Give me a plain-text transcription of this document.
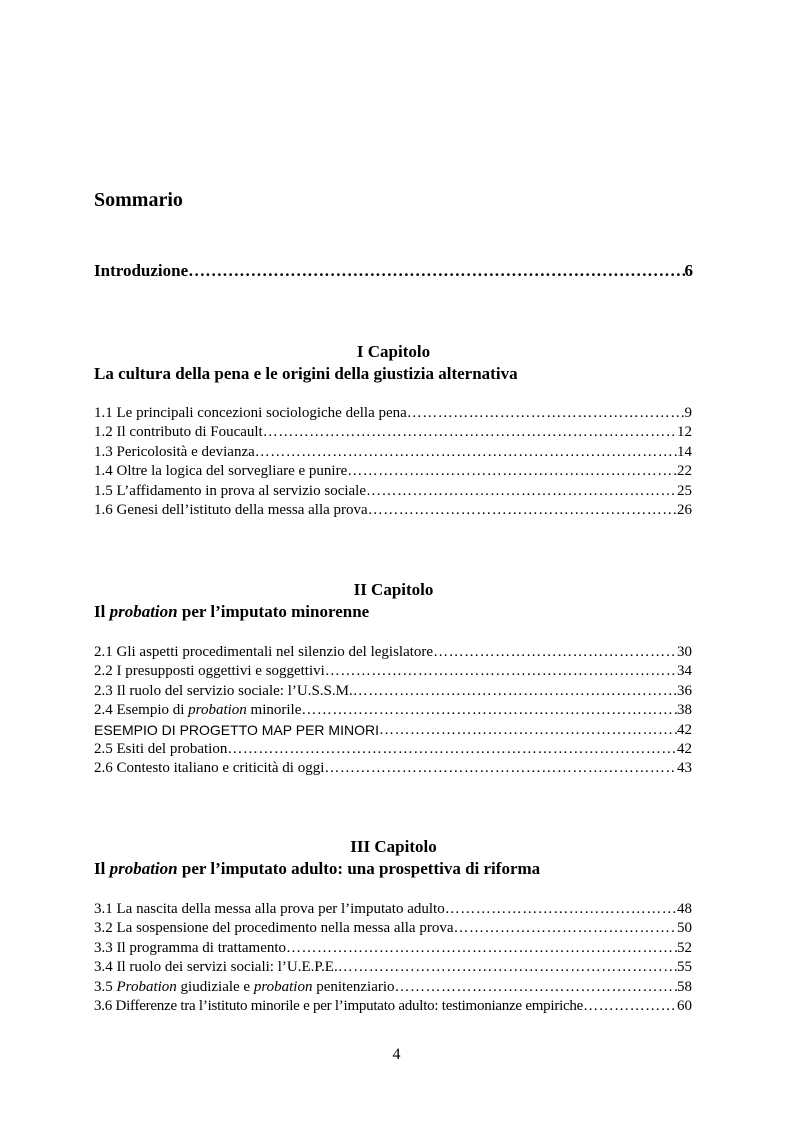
Sommario
Introduzione ……………………………………………………………………………………………………………………………………	6
I Capitolo
La cultura della pena e le origini della giustizia alternativa
1.1 Le principali concezioni sociologiche della pena ……………………………………………………………………………………………………………………………………………………………………………………………………	9
1.2 Il contributo di Foucault ……………………………………………………………………………………………………………………………………………………………………………………………………	12
1.3 Pericolosità e devianza ……………………………………………………………………………………………………………………………………………………………………………………………………	14
1.4 Oltre la logica del sorvegliare e punire ……………………………………………………………………………………………………………………………………………………………………………………………………	22
1.5 L’affidamento in prova al servizio sociale ……………………………………………………………………………………………………………………………………………………………………………………………………	25
1.6 Genesi dell’istituto della messa alla prova ……………………………………………………………………………………………………………………………………………………………………………………………………	26
II Capitolo
Il probation per l’imputato minorenne
2.1 Gli aspetti procedimentali nel silenzio del legislatore ……………………………………………………………………………………………………………………………………………………………………………………………………	30
2.2 I presupposti oggettivi e soggettivi ……………………………………………………………………………………………………………………………………………………………………………………………………	34
2.3 Il ruolo del servizio sociale: l’U.S.S.M. ……………………………………………………………………………………………………………………………………………………………………………………………………	36
2.4 Esempio di probation minorile ……………………………………………………………………………………………………………………………………………………………………………………………………	38
ESEMPIO DI PROGETTO MAP PER MINORI ……………………………………………………………………………………………………………………………………………………………………………………………………	42
2.5 Esiti del probation ……………………………………………………………………………………………………………………………………………………………………………………………………	42
2.6 Contesto italiano e criticità di oggi ……………………………………………………………………………………………………………………………………………………………………………………………………	43
III Capitolo
Il probation per l’imputato adulto: una prospettiva di riforma
3.1 La nascita della messa alla prova per l’imputato adulto ……………………………………………………………………………………………………………………………………………………………………………………………………	48
3.2 La sospensione del procedimento nella messa alla prova ……………………………………………………………………………………………………………………………………………………………………………………………………	50
3.3 Il programma di trattamento ……………………………………………………………………………………………………………………………………………………………………………………………………	52
3.4 Il ruolo dei servizi sociali: l’U.E.P.E. ……………………………………………………………………………………………………………………………………………………………………………………………………	55
3.5 Probation giudiziale e probation penitenziario ……………………………………………………………………………………………………………………………………………………………………………………………………	58
3.6 Differenze tra l’istituto minorile e per l’imputato adulto: testimonianze empiriche ……………………………………………………………………………………………………………………………………………………………………………………………………	60
4
